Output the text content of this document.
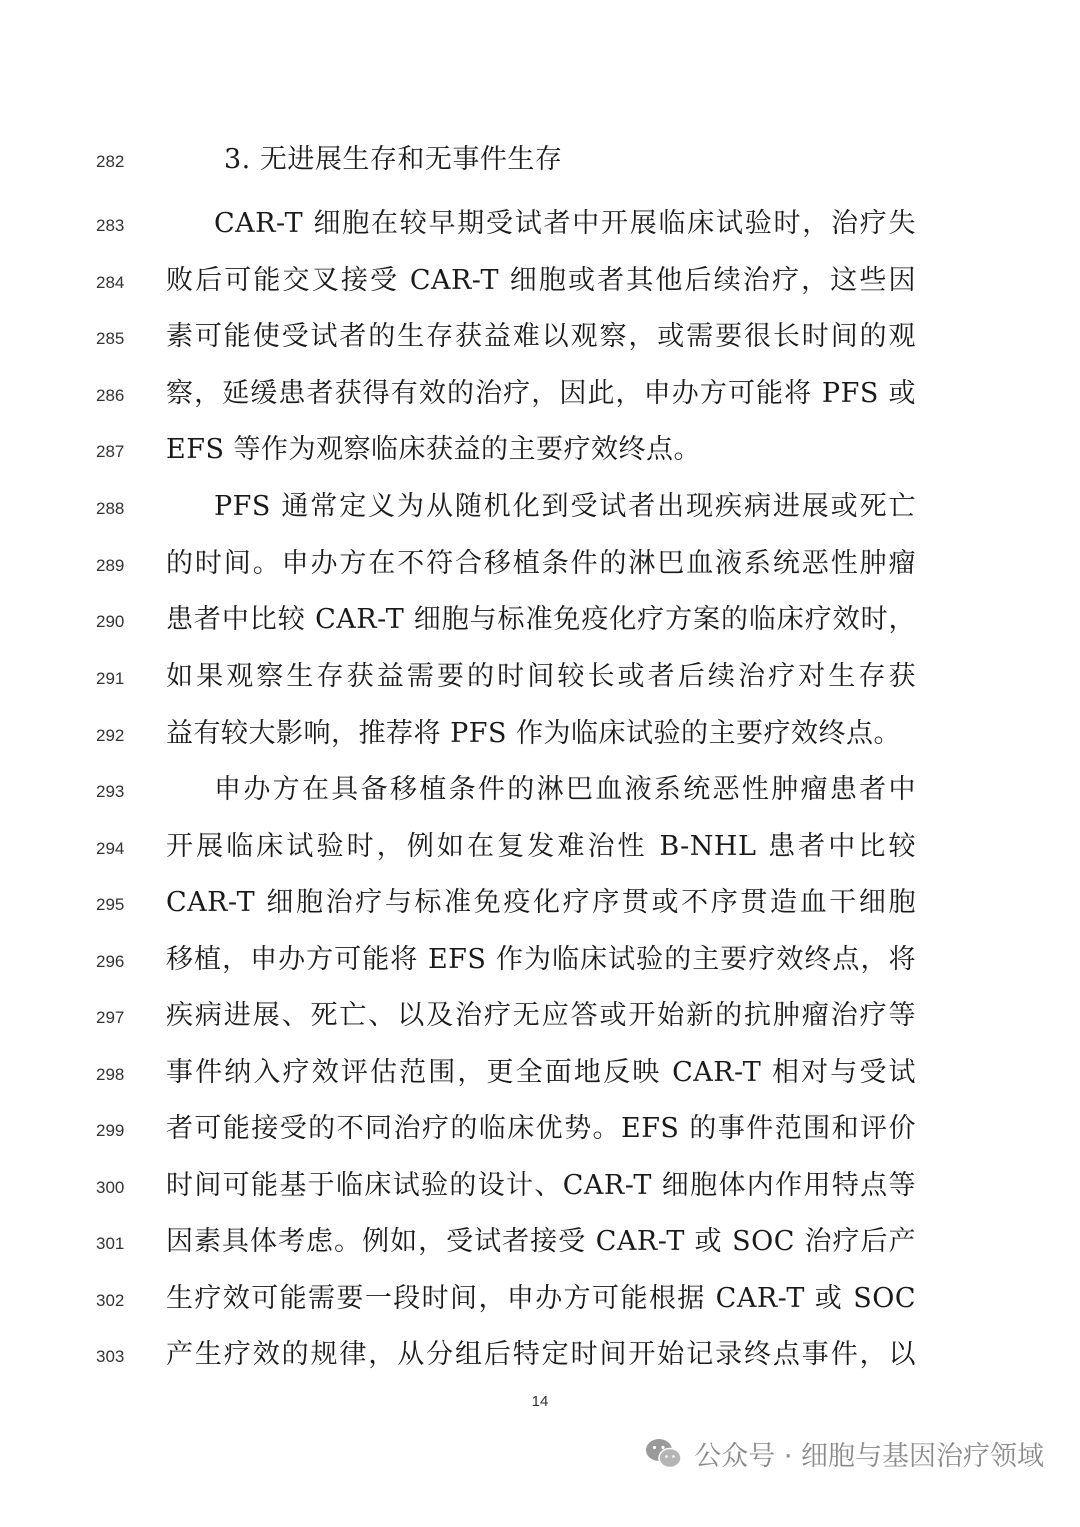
282	3. 无进展生存和无事件生存
283	CAR-T 细胞在较早期受试者中开展临床试验时，治疗失
284	败后可能交叉接受 CAR-T 细胞或者其他后续治疗，这些因
285	素可能使受试者的生存获益难以观察，或需要很长时间的观
286	察，延缓患者获得有效的治疗，因此，申办方可能将 PFS 或
287	EFS 等作为观察临床获益的主要疗效终点。
288	PFS 通常定义为从随机化到受试者出现疾病进展或死亡
289	的时间。申办方在不符合移植条件的淋巴血液系统恶性肿瘤
290	患者中比较 CAR-T 细胞与标准免疫化疗方案的临床疗效时，
291	如果观察生存获益需要的时间较长或者后续治疗对生存获
292	益有较大影响，推荐将 PFS 作为临床试验的主要疗效终点。
293	申办方在具备移植条件的淋巴血液系统恶性肿瘤患者中
294	开展临床试验时，例如在复发难治性 B-NHL 患者中比较
295	CAR-T 细胞治疗与标准免疫化疗序贯或不序贯造血干细胞
296	移植，申办方可能将 EFS 作为临床试验的主要疗效终点，将
297	疾病进展、死亡、以及治疗无应答或开始新的抗肿瘤治疗等
298	事件纳入疗效评估范围，更全面地反映 CAR-T 相对与受试
299	者可能接受的不同治疗的临床优势。EFS 的事件范围和评价
300	时间可能基于临床试验的设计、CAR-T 细胞体内作用特点等
301	因素具体考虑。例如，受试者接受 CAR-T 或 SOC 治疗后产
302	生疗效可能需要一段时间，申办方可能根据 CAR-T 或 SOC
303	产生疗效的规律，从分组后特定时间开始记录终点事件，以
14
公众号 · 细胞与基因治疗领域
